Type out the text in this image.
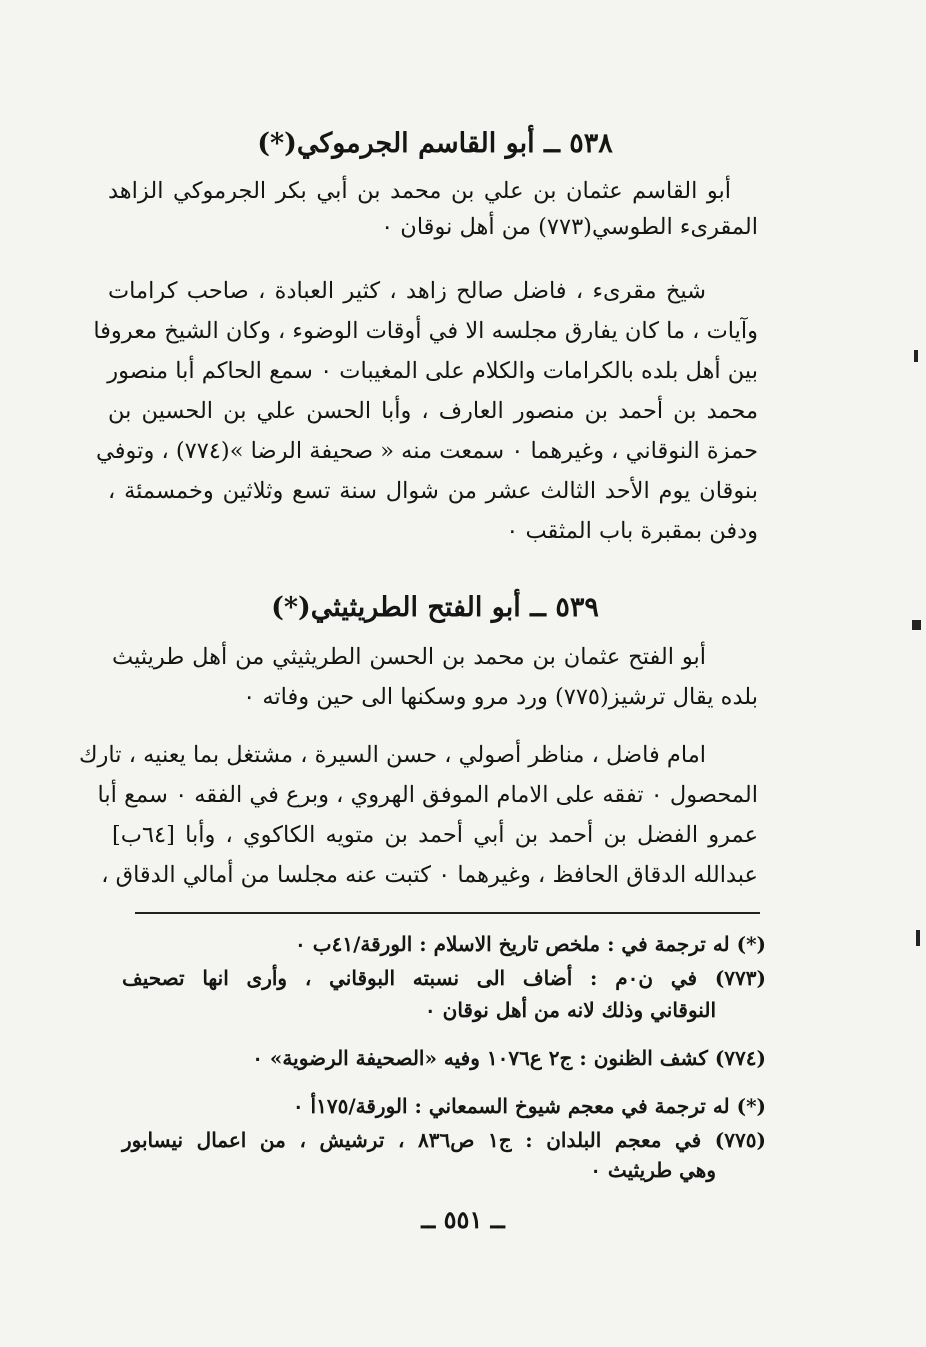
٥٣٨ ــ أبو القاسم الجرموكي(*)
أبو القاسم عثمان بن علي بن محمد بن أبي بكر الجرموكي الزاهد
المقرىء الطوسي(٧٧٣) من أهل نوقان ٠
شيخ مقرىء ، فاضل صالح زاهد ، كثير العبادة ، صاحب كرامات
وآيات ، ما كان يفارق مجلسه الا في أوقات الوضوء ، وكان الشيخ معروفا
بين أهل بلده بالكرامات والكلام على المغيبات ٠ سمع الحاكم أبا منصور
محمد بن أحمد بن منصور العارف ، وأبا الحسن علي بن الحسين بن
حمزة النوقاني ، وغيرهما ٠ سمعت منه « صحيفة الرضا »(٧٧٤) ، وتوفي
بنوقان يوم الأحد الثالث عشر من شوال سنة تسع وثلاثين وخمسمئة ،
ودفن بمقبرة باب المثقب ٠
٥٣٩ ــ أبو الفتح الطريثيثي(*)
أبو الفتح عثمان بن محمد بن الحسن الطريثيثي من أهل طريثيث
بلده يقال ترشيز(٧٧٥) ورد مرو وسكنها الى حين وفاته ٠
امام فاضل ، مناظر أصولي ، حسن السيرة ، مشتغل بما يعنيه ، تارك
المحصول ٠ تفقه على الامام الموفق الهروي ، وبرع في الفقه ٠ سمع أبا
عمرو الفضل بن أحمد بن أبي أحمد بن متويه الكاكوي ، وأبا [٦٤ب]
عبدالله الدقاق الحافظ ، وغيرهما ٠ كتبت عنه مجلسا من أمالي الدقاق ،
(*) له ترجمة في : ملخص تاريخ الاسلام : الورقة/٤١ب ٠
(٧٧٣) في ن٠م : أضاف الى نسبته البوقاني ، وأرى انها تصحيف
النوقاني وذلك لانه من أهل نوقان ٠
(٧٧٤) كشف الظنون : ج٢ ع١٠٧٦ وفيه «الصحيفة الرضوية» ٠
(*) له ترجمة في معجم شيوخ السمعاني : الورقة/١٧٥أ ٠
(٧٧٥) في معجم البلدان : ج١ ص٨٣٦ ، ترشيش ، من اعمال نيسابور
وهي طريثيث ٠
ــ ٥٥١ ــ
